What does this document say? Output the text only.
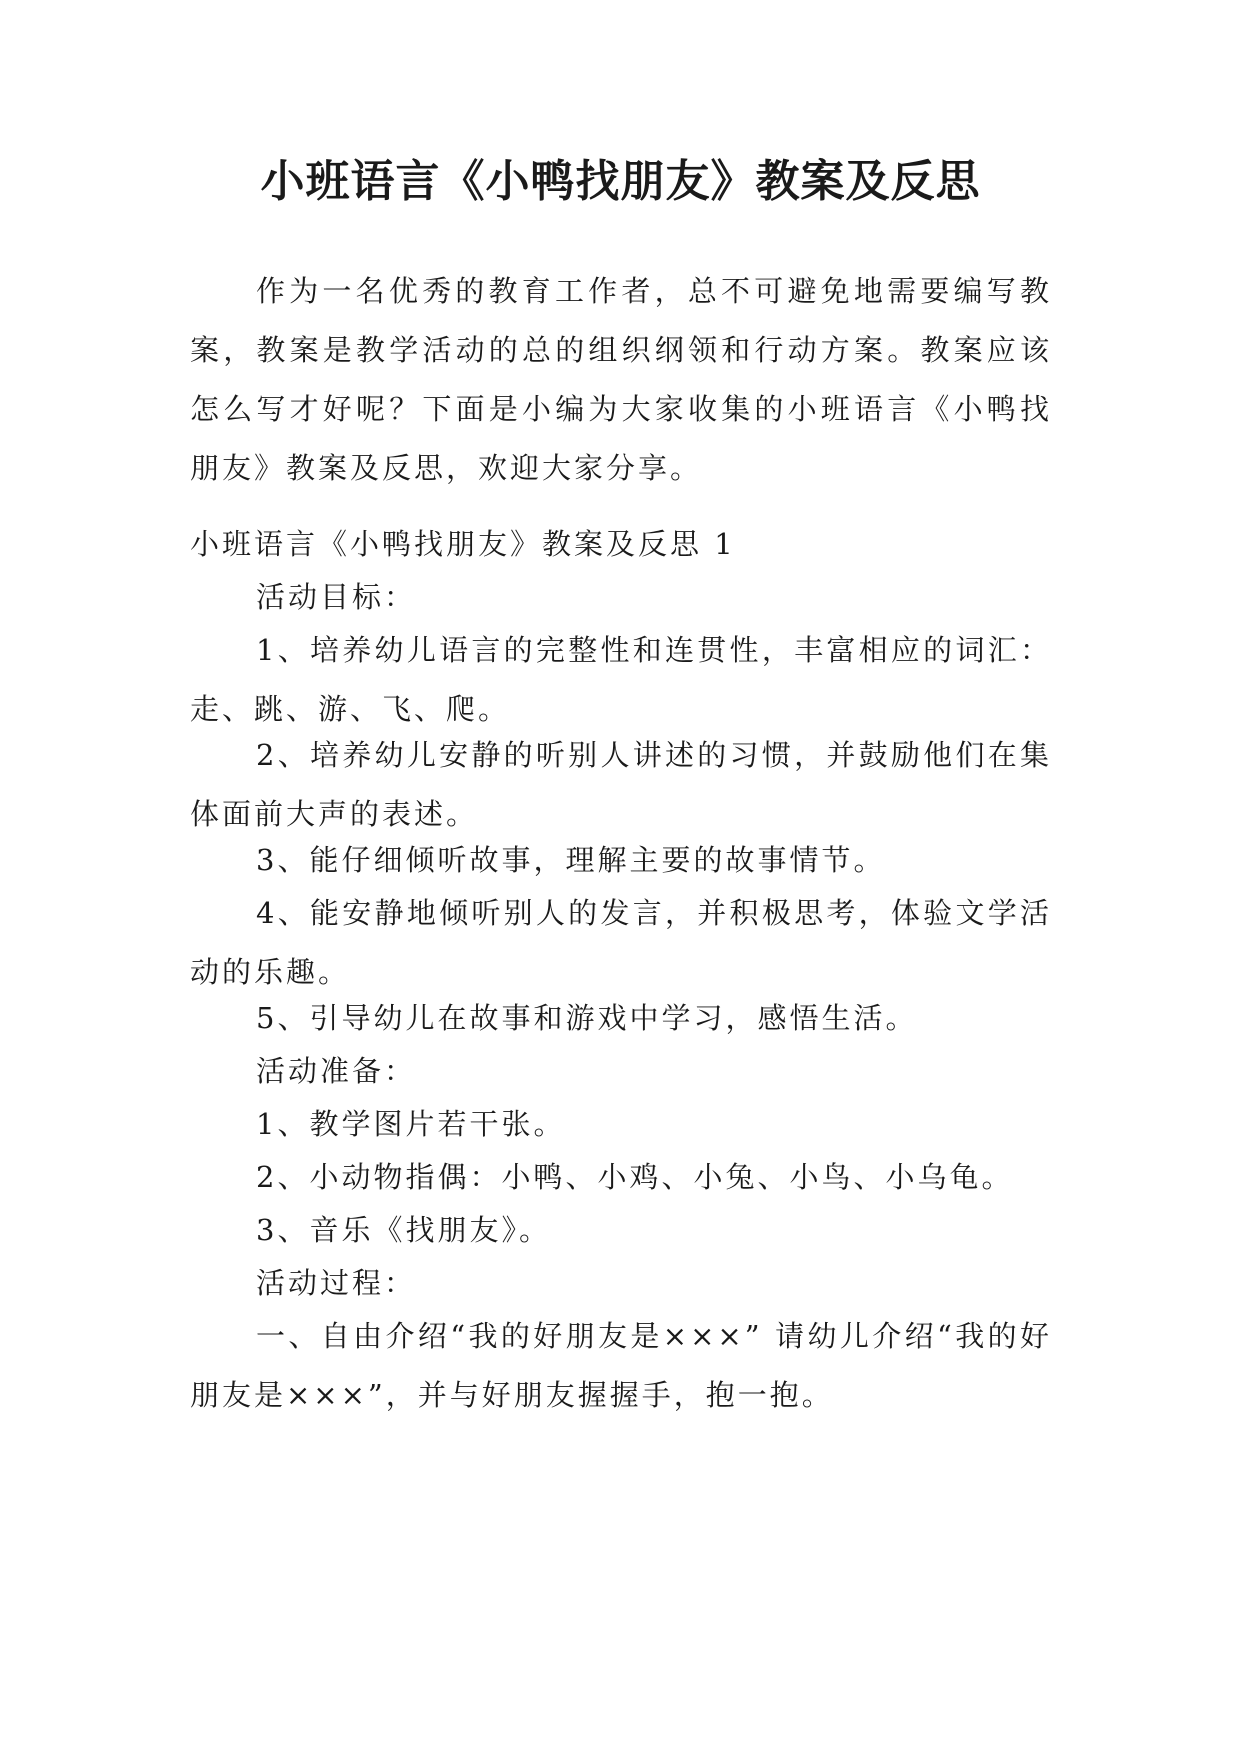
小班语言《小鸭找朋友》教案及反思

作为一名优秀的教育工作者，总不可避免地需要编写教案，教案是教学活动的总的组织纲领和行动方案。教案应该怎么写才好呢？下面是小编为大家收集的小班语言《小鸭找朋友》教案及反思，欢迎大家分享。

小班语言《小鸭找朋友》教案及反思 1

活动目标：

1、培养幼儿语言的完整性和连贯性，丰富相应的词汇：走、跳、游、飞、爬。

2、培养幼儿安静的听别人讲述的习惯，并鼓励他们在集体面前大声的表述。

3、能仔细倾听故事，理解主要的故事情节。

4、能安静地倾听别人的发言，并积极思考，体验文学活动的乐趣。

5、引导幼儿在故事和游戏中学习，感悟生活。

活动准备：

1、教学图片若干张。

2、小动物指偶：小鸭、小鸡、小兔、小鸟、小乌龟。

3、音乐《找朋友》。

活动过程：

一、自由介绍“我的好朋友是×××” 请幼儿介绍“我的好朋友是×××”，并与好朋友握握手，抱一抱。
